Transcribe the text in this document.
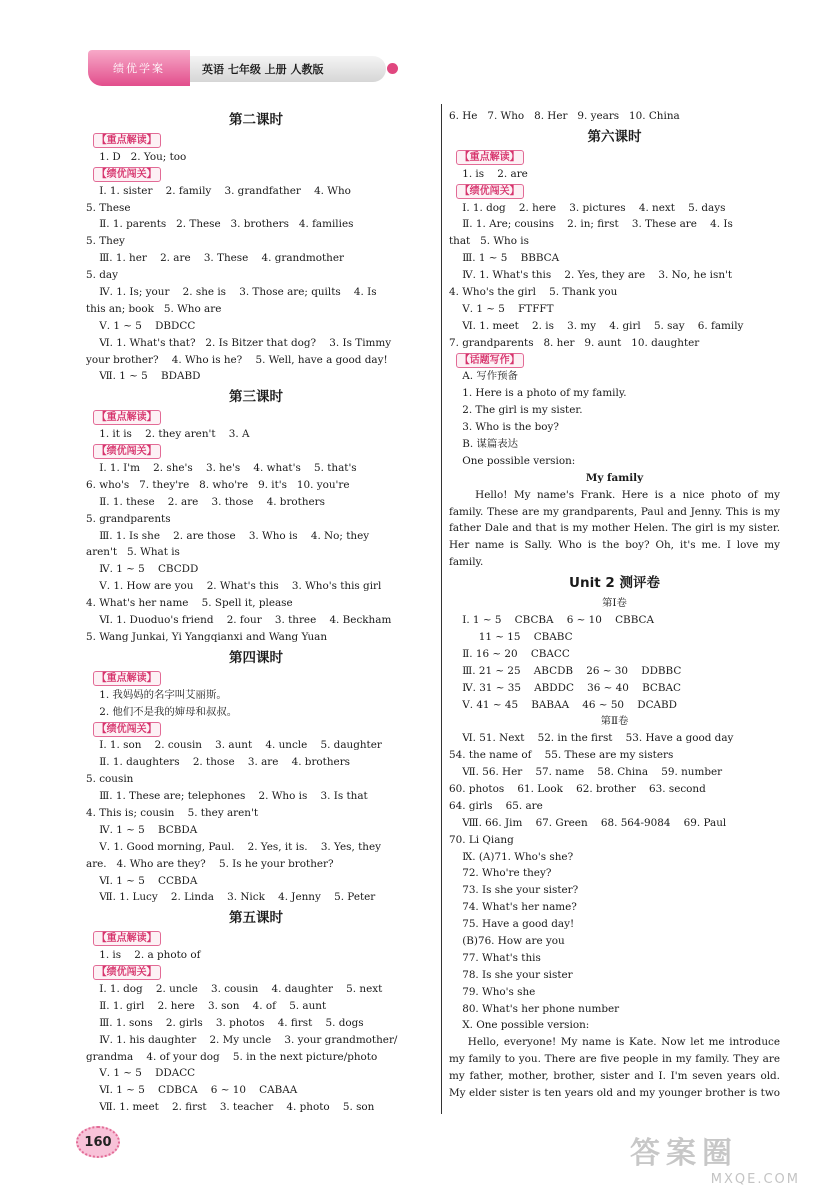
绩优学案	英语 七年级 上册 人教版
第二课时
【重点解读】
1. D   2. You; too
【绩优闯关】
Ⅰ. 1. sister    2. family    3. grandfather    4. Who
5. These
Ⅱ. 1. parents   2. These   3. brothers   4. families
5. They
Ⅲ. 1. her    2. are    3. These    4. grandmother
5. day
Ⅳ. 1. Is; your    2. she is    3. Those are; quilts    4. Is
this an; book   5. Who are
Ⅴ. 1 ~ 5    DBDCC
Ⅵ. 1. What's that?   2. Is Bitzer that dog?    3. Is Timmy
your brother?    4. Who is he?    5. Well, have a good day!
Ⅶ. 1 ~ 5    BDABD
第三课时
【重点解读】
1. it is    2. they aren't    3. A
【绩优闯关】
Ⅰ. 1. I'm    2. she's    3. he's    4. what's    5. that's
6. who's   7. they're   8. who're   9. it's   10. you're
Ⅱ. 1. these    2. are    3. those    4. brothers
5. grandparents
Ⅲ. 1. Is she    2. are those    3. Who is    4. No; they
aren't   5. What is
Ⅳ. 1 ~ 5    CBCDD
Ⅴ. 1. How are you    2. What's this    3. Who's this girl
4. What's her name    5. Spell it, please
Ⅵ. 1. Duoduo's friend    2. four    3. three    4. Beckham
5. Wang Junkai, Yi Yangqianxi and Wang Yuan
第四课时
【重点解读】
1. 我妈妈的名字叫艾丽斯。
2. 他们不是我的婶母和叔叔。
【绩优闯关】
Ⅰ. 1. son    2. cousin    3. aunt    4. uncle    5. daughter
Ⅱ. 1. daughters    2. those    3. are    4. brothers
5. cousin
Ⅲ. 1. These are; telephones    2. Who is    3. Is that
4. This is; cousin    5. they aren't
Ⅳ. 1 ~ 5    BCBDA
Ⅴ. 1. Good morning, Paul.    2. Yes, it is.    3. Yes, they
are.   4. Who are they?    5. Is he your brother?
Ⅵ. 1 ~ 5    CCBDA
Ⅶ. 1. Lucy    2. Linda    3. Nick    4. Jenny    5. Peter
第五课时
【重点解读】
1. is    2. a photo of
【绩优闯关】
Ⅰ. 1. dog    2. uncle    3. cousin    4. daughter    5. next
Ⅱ. 1. girl    2. here    3. son    4. of    5. aunt
Ⅲ. 1. sons    2. girls    3. photos    4. first    5. dogs
Ⅳ. 1. his daughter    2. My uncle    3. your grandmother/
grandma    4. of your dog    5. in the next picture/photo
Ⅴ. 1 ~ 5    DDACC
Ⅵ. 1 ~ 5    CDBCA    6 ~ 10    CABAA
Ⅶ. 1. meet    2. first    3. teacher    4. photo    5. son
6. He   7. Who   8. Her   9. years   10. China
第六课时
【重点解读】
1. is    2. are
【绩优闯关】
Ⅰ. 1. dog    2. here    3. pictures    4. next    5. days
Ⅱ. 1. Are; cousins    2. in; first    3. These are    4. Is
that   5. Who is
Ⅲ. 1 ~ 5    BBBCA
Ⅳ. 1. What's this    2. Yes, they are    3. No, he isn't
4. Who's the girl    5. Thank you
Ⅴ. 1 ~ 5    FTFFT
Ⅵ. 1. meet    2. is    3. my    4. girl    5. say    6. family
7. grandparents   8. her   9. aunt   10. daughter
【话题写作】
A. 写作预备
1. Here is a photo of my family.
2. The girl is my sister.
3. Who is the boy?
B. 谋篇表达
One possible version:
My family
Hello! My name's Frank. Here is a nice photo of my
family. These are my grandparents, Paul and Jenny. This is my
father Dale and that is my mother Helen. The girl is my sister.
Her name is Sally. Who is the boy? Oh, it's me. I love my
family.
Unit 2 测评卷
第Ⅰ卷
Ⅰ. 1 ~ 5    CBCBA    6 ~ 10    CBBCA
11 ~ 15    CBABC
Ⅱ. 16 ~ 20    CBACC
Ⅲ. 21 ~ 25    ABCDB    26 ~ 30    DDBBC
Ⅳ. 31 ~ 35    ABDDC    36 ~ 40    BCBAC
Ⅴ. 41 ~ 45    BABAA    46 ~ 50    DCABD
第Ⅱ卷
Ⅵ. 51. Next    52. in the first    53. Have a good day
54. the name of    55. These are my sisters
Ⅶ. 56. Her    57. name    58. China    59. number
60. photos    61. Look    62. brother    63. second
64. girls    65. are
Ⅷ. 66. Jim    67. Green    68. 564-9084    69. Paul
70. Li Qiang
Ⅸ. (A)71. Who's she?
72. Who're they?
73. Is she your sister?
74. What's her name?
75. Have a good day!
(B)76. How are you
77. What's this
78. Is she your sister
79. Who's she
80. What's her phone number
Ⅹ. One possible version:
Hello, everyone! My name is Kate. Now let me introduce
my family to you. There are five people in my family. They are
my father, mother, brother, sister and I. I'm seven years old.
My elder sister is ten years old and my younger brother is two
160	答案圈
MXQE.COM
